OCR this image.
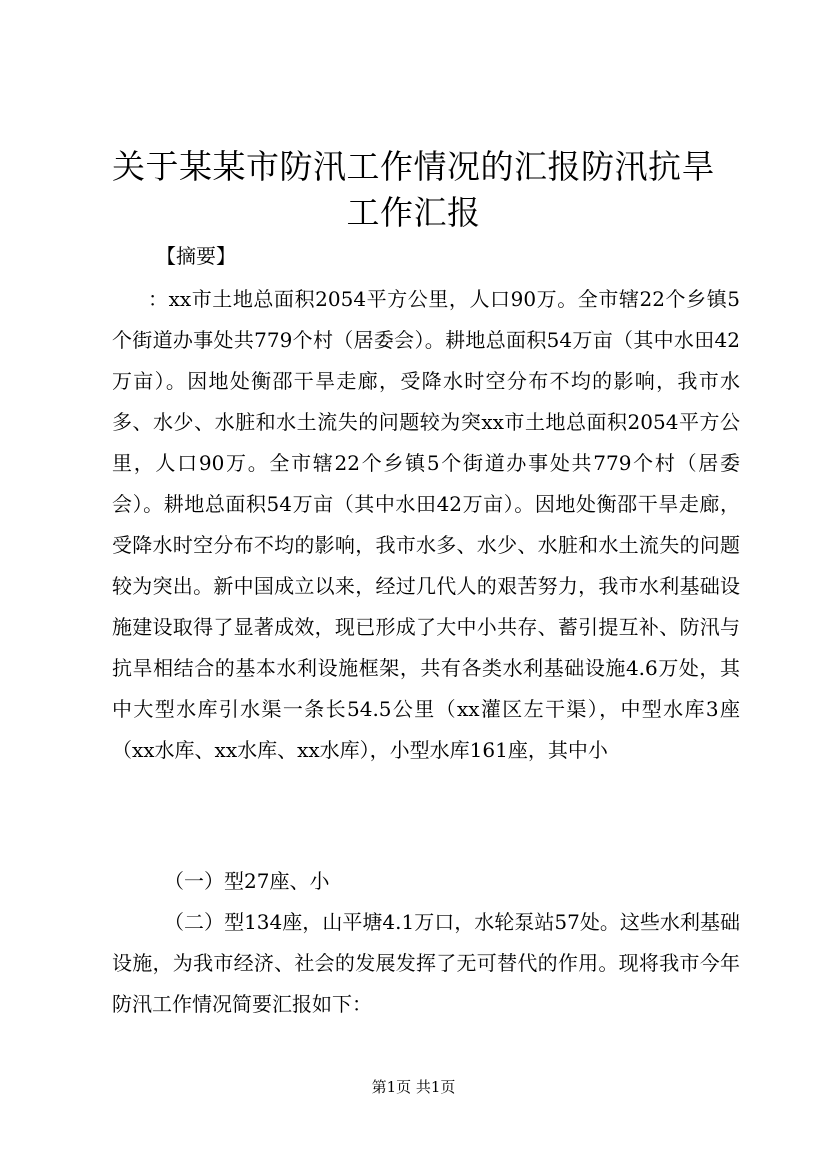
关于某某市防汛工作情况的汇报防汛抗旱工作汇报
【摘要】
：xx市土地总面积2054平方公里，人口90万。全市辖22个乡镇5个街道办事处共779个村（居委会）。耕地总面积54万亩（其中水田42万亩）。因地处衡邵干旱走廊，受降水时空分布不均的影响，我市水多、水少、水脏和水土流失的问题较为突xx市土地总面积2054平方公里，人口90万。全市辖22个乡镇5个街道办事处共779个村（居委会）。耕地总面积54万亩（其中水田42万亩）。因地处衡邵干旱走廊，受降水时空分布不均的影响，我市水多、水少、水脏和水土流失的问题较为突出。新中国成立以来，经过几代人的艰苦努力，我市水利基础设施建设取得了显著成效，现已形成了大中小共存、蓄引提互补、防汛与抗旱相结合的基本水利设施框架，共有各类水利基础设施4.6万处，其中大型水库引水渠一条长54.5公里（xx灌区左干渠），中型水库3座（xx水库、xx水库、xx水库），小型水库161座，其中小
（一）型27座、小
（二）型134座，山平塘4.1万口，水轮泵站57处。这些水利基础设施，为我市经济、社会的发展发挥了无可替代的作用。现将我市今年防汛工作情况简要汇报如下：
第1页 共1页
